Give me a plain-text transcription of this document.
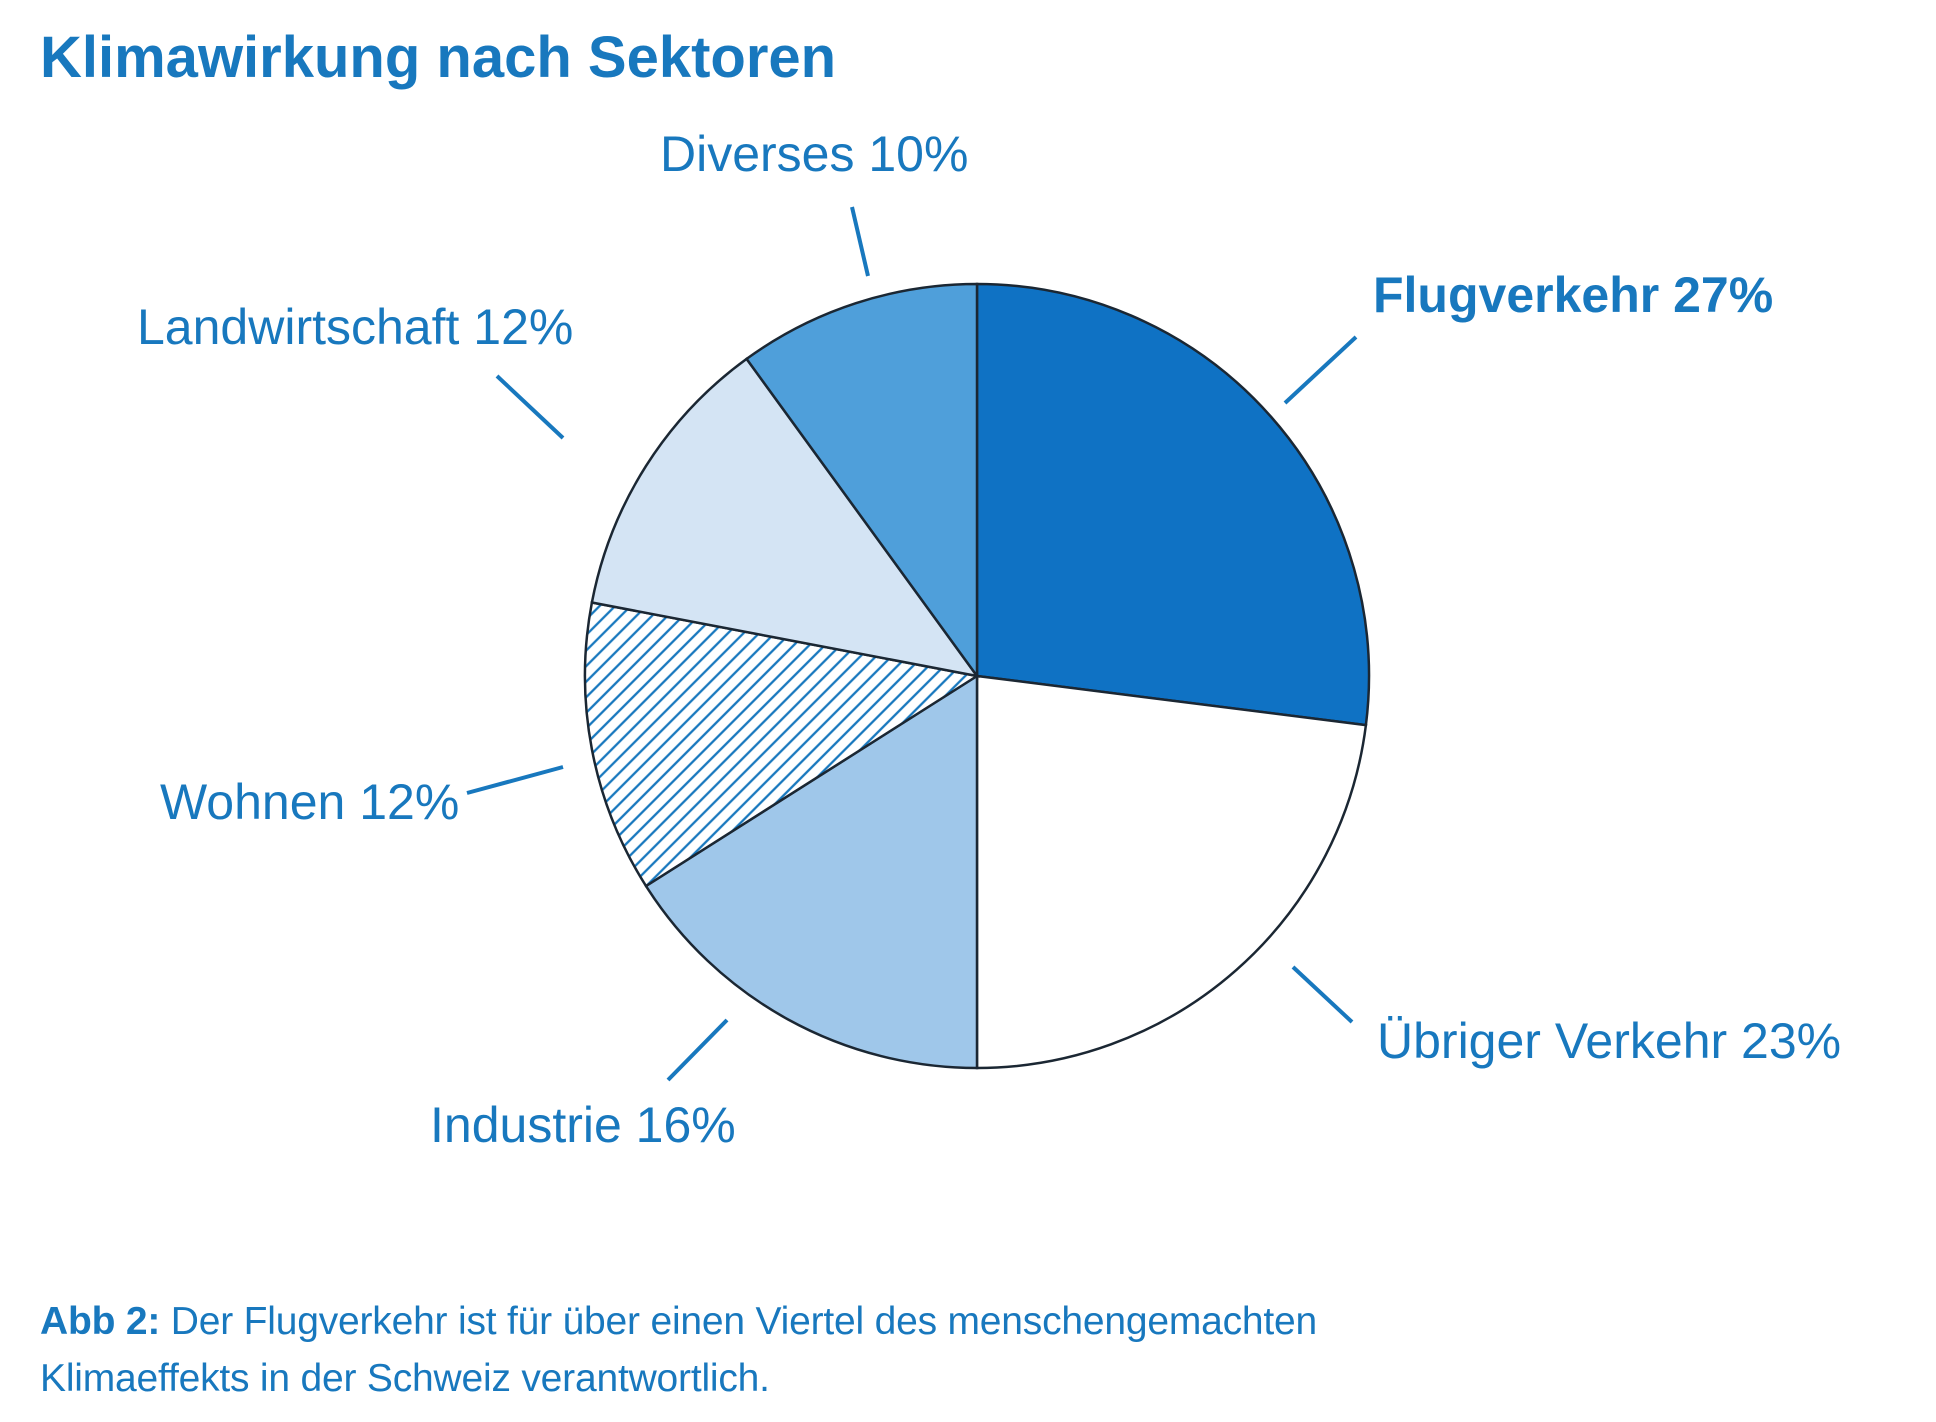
Klimawirkung nach Sektoren
Diverses 10%
Landwirtschaft 12%
Flugverkehr 27%
Wohnen 12%
Industrie 16%
Übriger Verkehr 23%
Abb 2: Der Flugverkehr ist für über einen Viertel des menschengemachten Klimaeffekts in der Schweiz verantwortlich.
